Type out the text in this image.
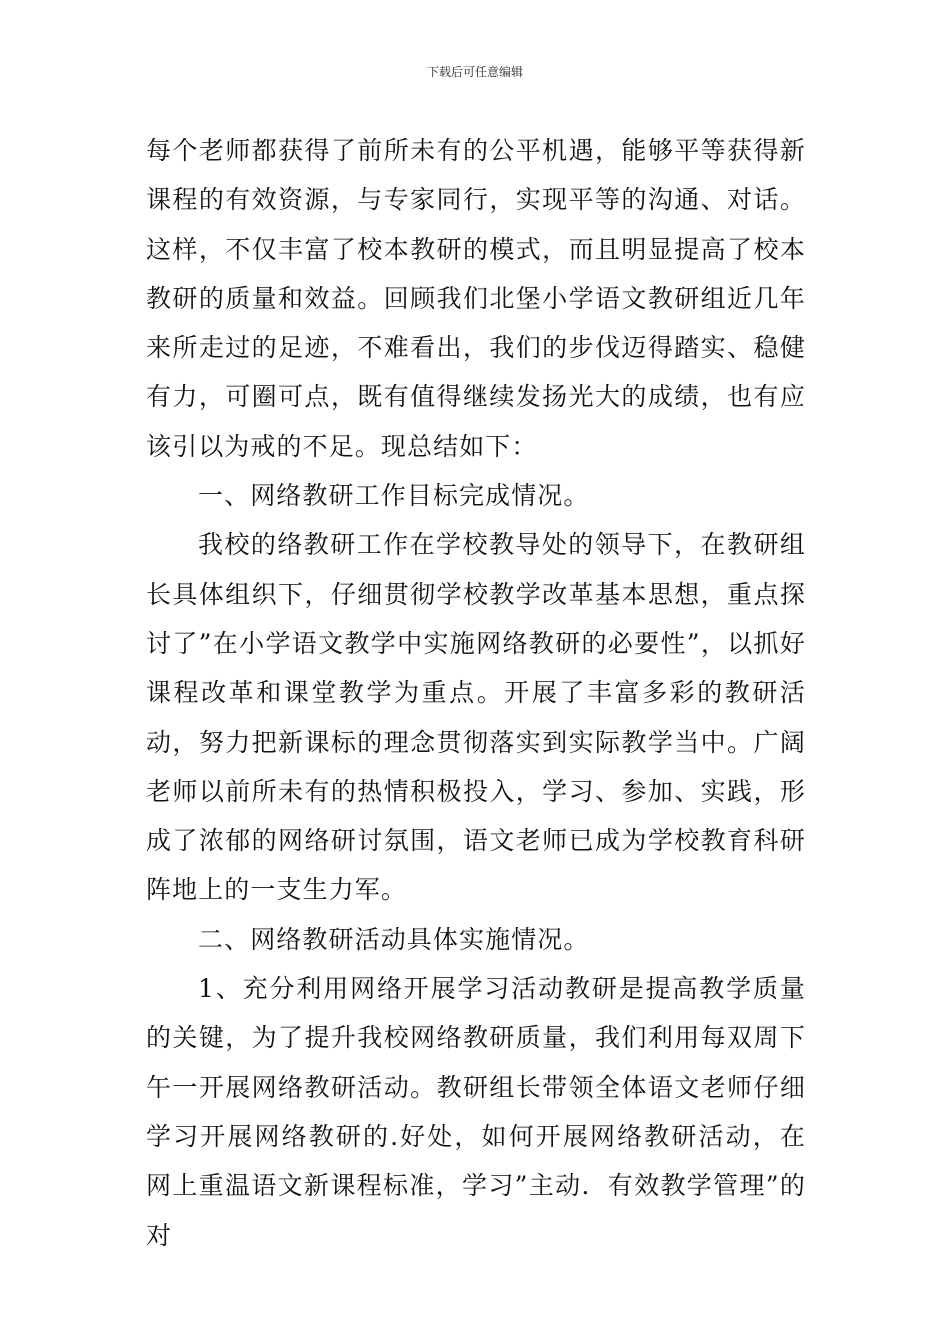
下载后可任意编辑

每个老师都获得了前所未有的公平机遇，能够平等获得新课程的有效资源，与专家同行，实现平等的沟通、对话。这样，不仅丰富了校本教研的模式，而且明显提高了校本教研的质量和效益。回顾我们北堡小学语文教研组近几年来所走过的足迹，不难看出，我们的步伐迈得踏实、稳健有力，可圈可点，既有值得继续发扬光大的成绩，也有应该引以为戒的不足。现总结如下：

一、网络教研工作目标完成情况。

我校的络教研工作在学校教导处的领导下，在教研组长具体组织下，仔细贯彻学校教学改革基本思想，重点探讨了”在小学语文教学中实施网络教研的必要性”，以抓好课程改革和课堂教学为重点。开展了丰富多彩的教研活动，努力把新课标的理念贯彻落实到实际教学当中。广阔老师以前所未有的热情积极投入，学习、参加、实践，形成了浓郁的网络研讨氛围，语文老师已成为学校教育科研阵地上的一支生力军。

二、网络教研活动具体实施情况。

1、充分利用网络开展学习活动教研是提高教学质量的关键，为了提升我校网络教研质量，我们利用每双周下午一开展网络教研活动。教研组长带领全体语文老师仔细学习开展网络教研的.好处，如何开展网络教研活动，在网上重温语文新课程标准，学习”主动．有效教学管理”的对
